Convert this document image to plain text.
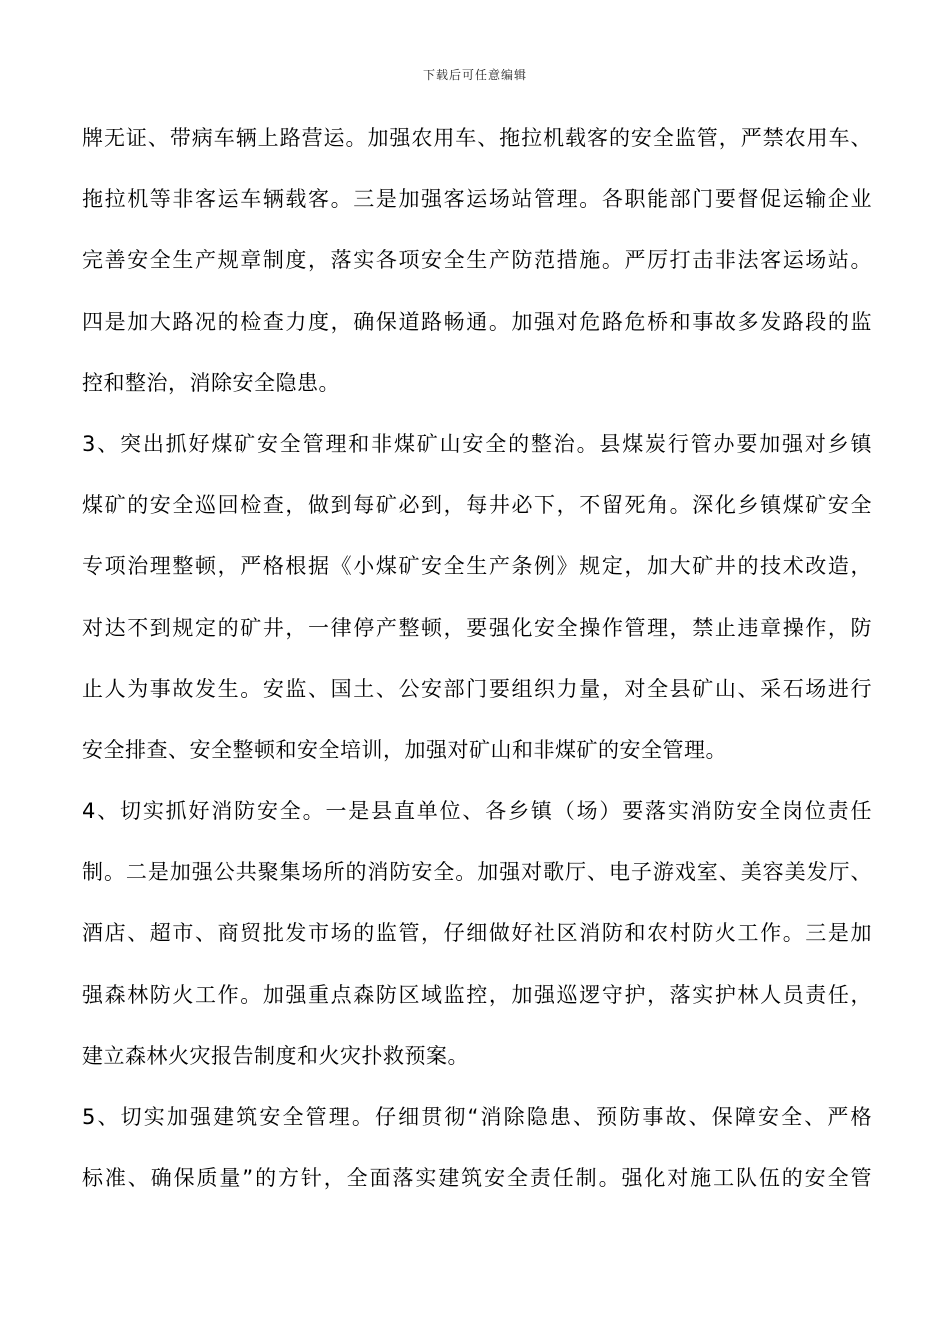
下载后可任意编辑
牌无证、带病车辆上路营运。加强农用车、拖拉机载客的安全监管，严禁农用车、
拖拉机等非客运车辆载客。三是加强客运场站管理。各职能部门要督促运输企业
完善安全生产规章制度，落实各项安全生产防范措施。严厉打击非法客运场站。
四是加大路况的检查力度，确保道路畅通。加强对危路危桥和事故多发路段的监
控和整治，消除安全隐患。
3、突出抓好煤矿安全管理和非煤矿山安全的整治。县煤炭行管办要加强对乡镇
煤矿的安全巡回检查，做到每矿必到，每井必下，不留死角。深化乡镇煤矿安全
专项治理整顿，严格根据《小煤矿安全生产条例》规定，加大矿井的技术改造，
对达不到规定的矿井，一律停产整顿，要强化安全操作管理，禁止违章操作，防
止人为事故发生。安监、国土、公安部门要组织力量，对全县矿山、采石场进行
安全排查、安全整顿和安全培训，加强对矿山和非煤矿的安全管理。
4、切实抓好消防安全。一是县直单位、各乡镇（场）要落实消防安全岗位责任
制。二是加强公共聚集场所的消防安全。加强对歌厅、电子游戏室、美容美发厅、
酒店、超市、商贸批发市场的监管，仔细做好社区消防和农村防火工作。三是加
强森林防火工作。加强重点森防区域监控，加强巡逻守护，落实护林人员责任，
建立森林火灾报告制度和火灾扑救预案。
5、切实加强建筑安全管理。仔细贯彻“消除隐患、预防事故、保障安全、严格
标准、确保质量”的方针，全面落实建筑安全责任制。强化对施工队伍的安全管
